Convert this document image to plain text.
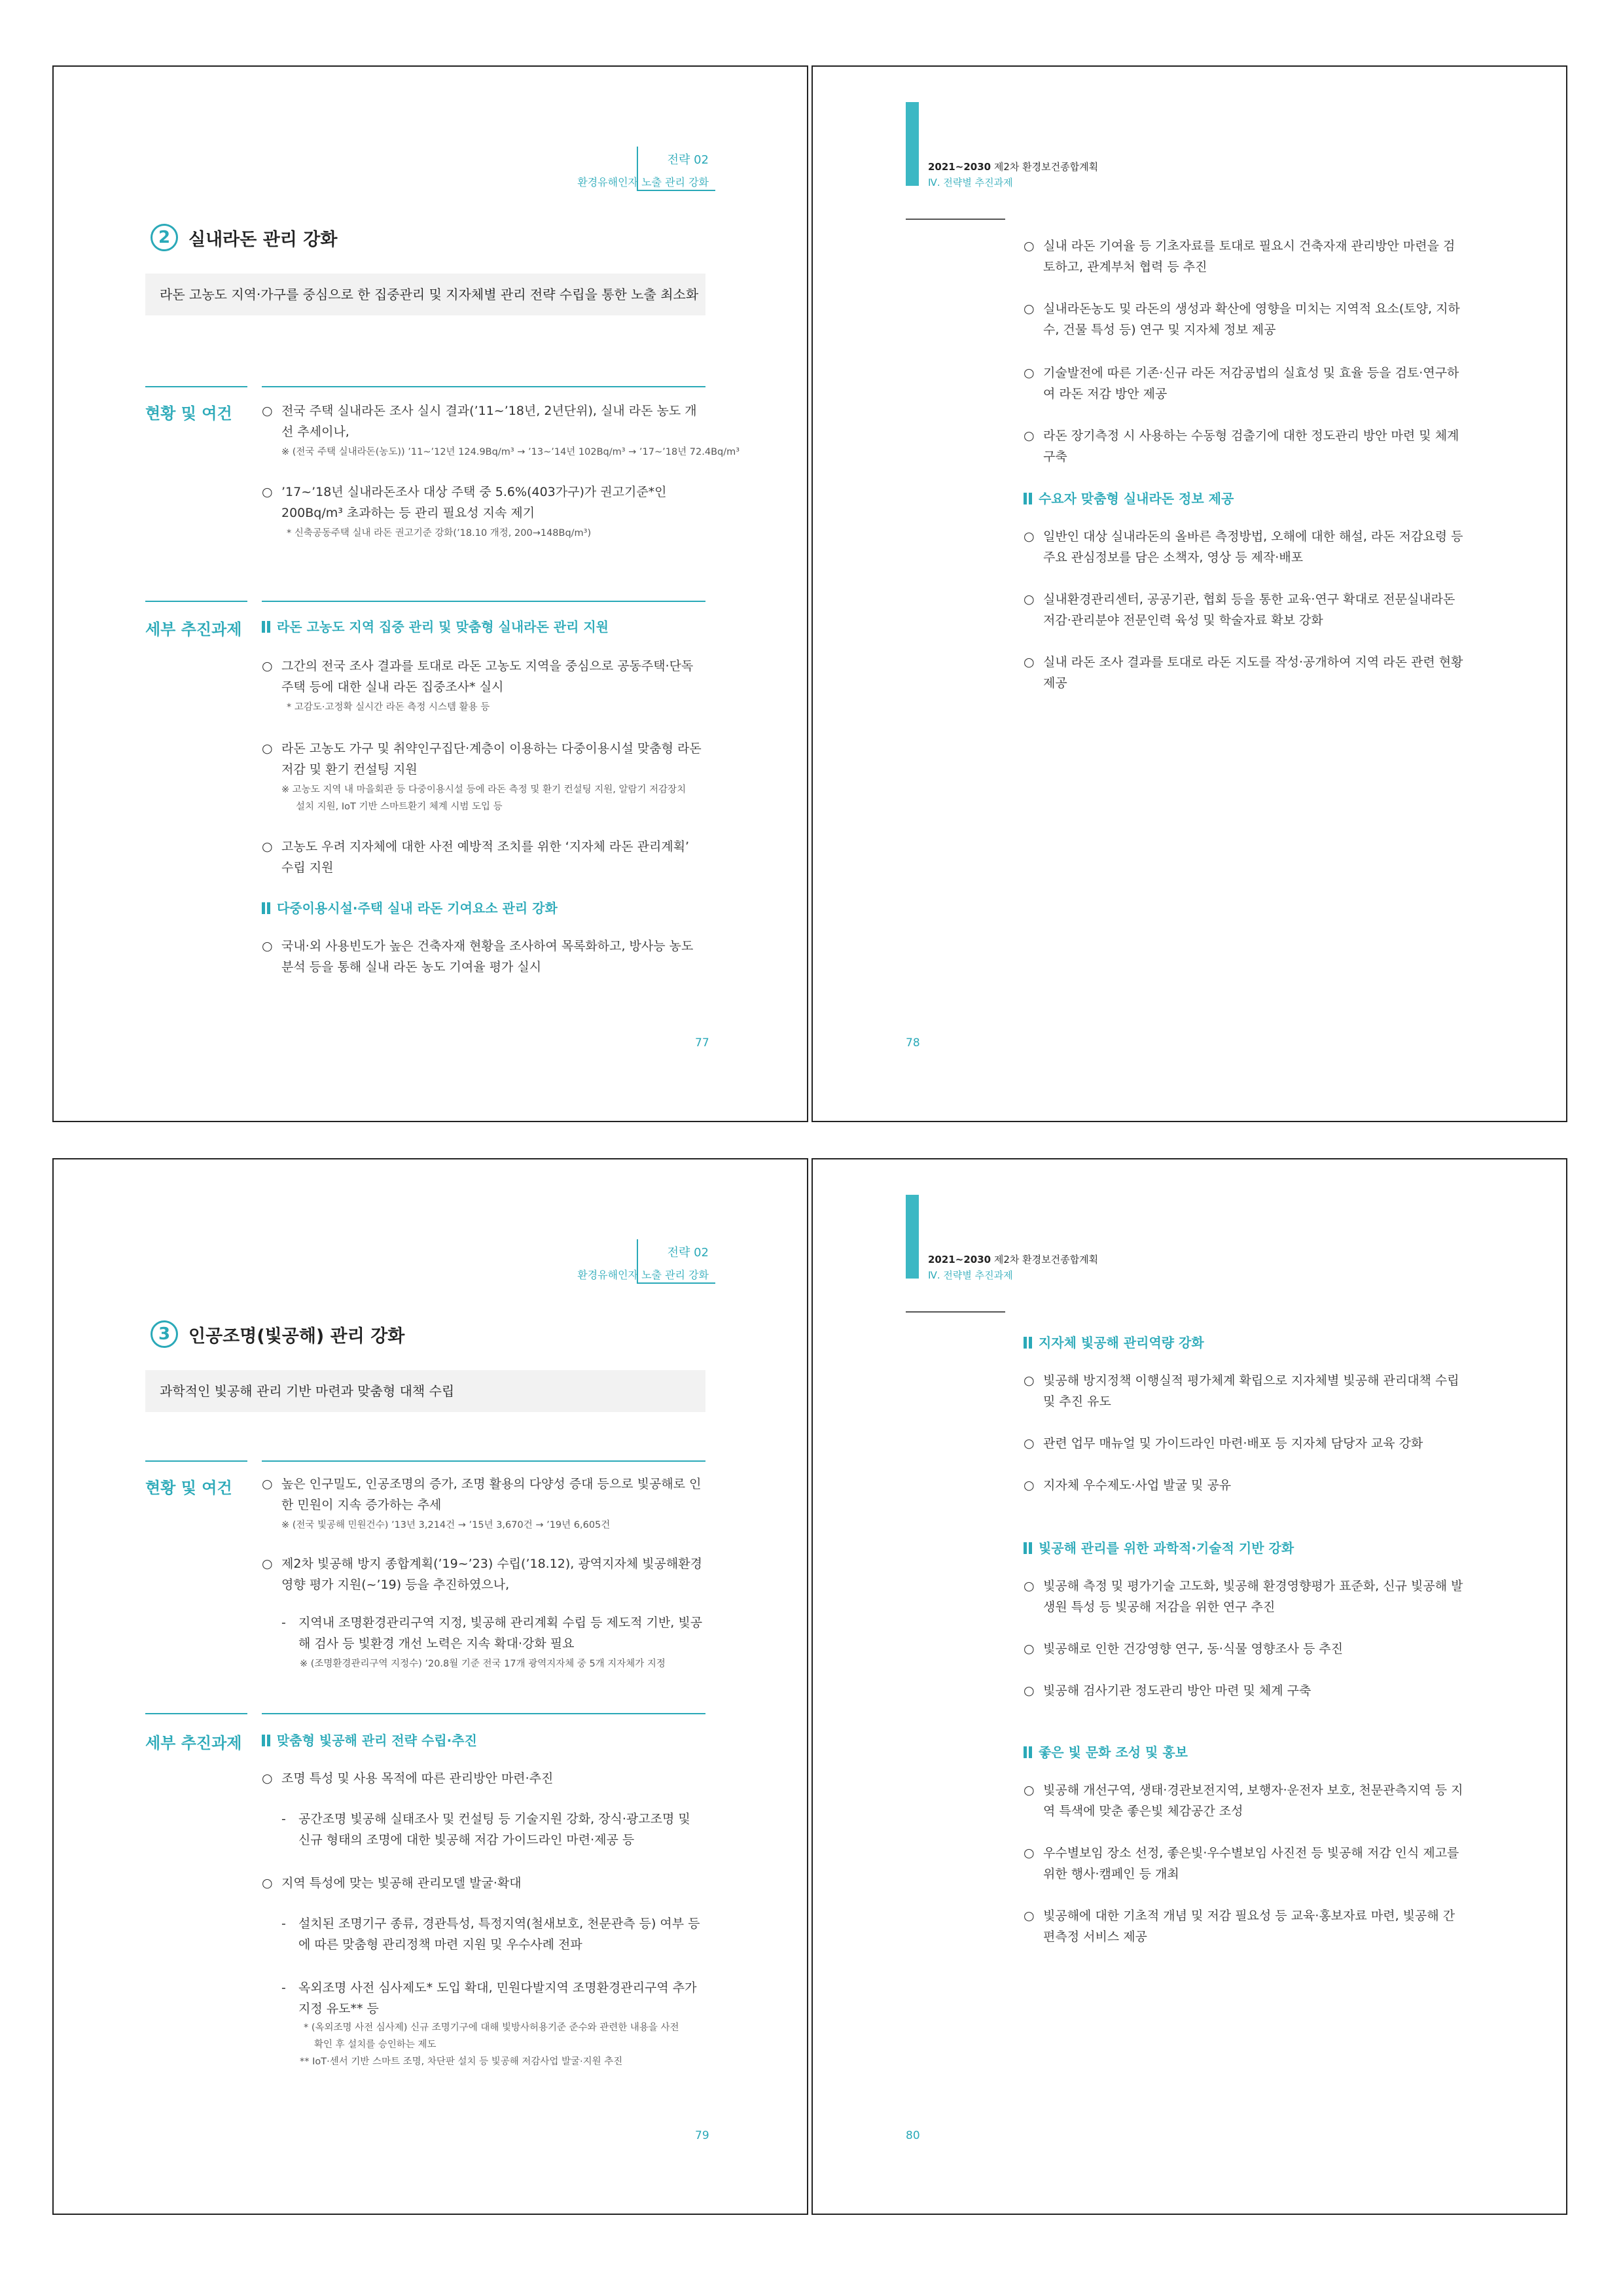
전략 02
환경유해인자 노출 관리 강화
2	실내라돈 관리 강화
라돈 고농도 지역·가구를 중심으로 한 집중관리 및 지자체별 관리 전략 수립을 통한 노출 최소화
현황 및 여건 ○ 전국 주택 실내라돈 조사 실시 결과(’11~’18년, 2년단위), 실내 라돈 농도 개선 추세이나,
※ (전국 주택 실내라돈(농도)) ’11~’12년 124.9Bq/m³ → ’13~’14년 102Bq/m³ → ’17~’18년 72.4Bq/m³
○ ’17~’18년 실내라돈조사 대상 주택 중 5.6%(403가구)가 권고기준*인 200Bq/m³ 초과하는 등 관리 필요성 지속 제기
* 신축공동주택 실내 라돈 권고기준 강화(’18.10 개정, 200→148Bq/m³)
세부 추진과제	라돈 고농도 지역 집중 관리 및 맞춤형 실내라돈 관리 지원
○ 그간의 전국 조사 결과를 토대로 라돈 고농도 지역을 중심으로 공동주택·단독주택 등에 대한 실내 라돈 집중조사* 실시
* 고감도·고정확 실시간 라돈 측정 시스템 활용 등
○ 라돈 고농도 가구 및 취약인구집단·계층이 이용하는 다중이용시설 맞춤형 라돈 저감 및 환기 컨설팅 지원
※ 고농도 지역 내 마을회관 등 다중이용시설 등에 라돈 측정 및 환기 컨설팅 지원, 알람기 저감장치
설치 지원, IoT 기반 스마트환기 체계 시범 도입 등
○ 고농도 우려 지자체에 대한 사전 예방적 조치를 위한 ‘지자체 라돈 관리계획’ 수립 지원
다중이용시설·주택 실내 라돈 기여요소 관리 강화
○ 국내·외 사용빈도가 높은 건축자재 현황을 조사하여 목록화하고, 방사능 농도 분석 등을 통해 실내 라돈 농도 기여율 평가 실시
77
2021~2030 제2차 환경보건종합계획
Ⅳ. 전략별 추진과제
○ 실내 라돈 기여율 등 기초자료를 토대로 필요시 건축자재 관리방안 마련을 검토하고, 관계부처 협력 등 추진
○ 실내라돈농도 및 라돈의 생성과 확산에 영향을 미치는 지역적 요소(토양, 지하수, 건물 특성 등) 연구 및 지자체 정보 제공
○ 기술발전에 따른 기존·신규 라돈 저감공법의 실효성 및 효율 등을 검토·연구하여 라돈 저감 방안 제공
○ 라돈 장기측정 시 사용하는 수동형 검출기에 대한 정도관리 방안 마련 및 체계 구축
수요자 맞춤형 실내라돈 정보 제공
○ 일반인 대상 실내라돈의 올바른 측정방법, 오해에 대한 해설, 라돈 저감요령 등 주요 관심정보를 담은 소책자, 영상 등 제작·배포
○ 실내환경관리센터, 공공기관, 협회 등을 통한 교육·연구 확대로 전문실내라돈 저감·관리분야 전문인력 육성 및 학술자료 확보 강화
○ 실내 라돈 조사 결과를 토대로 라돈 지도를 작성·공개하여 지역 라돈 관련 현황 제공
78
전략 02
환경유해인자 노출 관리 강화
3	인공조명(빛공해) 관리 강화
과학적인 빛공해 관리 기반 마련과 맞춤형 대책 수립
현황 및 여건 ○ 높은 인구밀도, 인공조명의 증가, 조명 활용의 다양성 증대 등으로 빛공해로 인한 민원이 지속 증가하는 추세
※ (전국 빛공해 민원건수) ’13년 3,214건 → ’15년 3,670건 → ’19년 6,605건
○ 제2차 빛공해 방지 종합계획(’19~’23) 수립(’18.12), 광역지자체 빛공해환경영향 평가 지원(~’19) 등을 추진하였으나,
- 지역내 조명환경관리구역 지정, 빛공해 관리계획 수립 등 제도적 기반, 빛공해 검사 등 빛환경 개선 노력은 지속 확대·강화 필요
※ (조명환경관리구역 지정수) ’20.8월 기준 전국 17개 광역지자체 중 5개 지자체가 지정
세부 추진과제	맞춤형 빛공해 관리 전략 수립·추진
○ 조명 특성 및 사용 목적에 따른 관리방안 마련·추진
- 공간조명 빛공해 실태조사 및 컨설팅 등 기술지원 강화, 장식·광고조명 및 신규 형태의 조명에 대한 빛공해 저감 가이드라인 마련·제공 등
○ 지역 특성에 맞는 빛공해 관리모델 발굴·확대
- 설치된 조명기구 종류, 경관특성, 특정지역(철새보호, 천문관측 등) 여부 등에 따른 맞춤형 관리정책 마련 지원 및 우수사례 전파
- 옥외조명 사전 심사제도* 도입 확대, 민원다발지역 조명환경관리구역 추가지정 유도** 등
* (옥외조명 사전 심사제) 신규 조명기구에 대해 빛방사허용기준 준수와 관련한 내용을 사전
확인 후 설치를 승인하는 제도
** IoT·센서 기반 스마트 조명, 차단판 설치 등 빛공해 저감사업 발굴·지원 추진
79
2021~2030 제2차 환경보건종합계획
Ⅳ. 전략별 추진과제
지자체 빛공해 관리역량 강화
○ 빛공해 방지정책 이행실적 평가체계 확립으로 지자체별 빛공해 관리대책 수립 및 추진 유도
○ 관련 업무 매뉴얼 및 가이드라인 마련·배포 등 지자체 담당자 교육 강화
○ 지자체 우수제도·사업 발굴 및 공유
빛공해 관리를 위한 과학적·기술적 기반 강화
○ 빛공해 측정 및 평가기술 고도화, 빛공해 환경영향평가 표준화, 신규 빛공해 발생원 특성 등 빛공해 저감을 위한 연구 추진
○ 빛공해로 인한 건강영향 연구, 동·식물 영향조사 등 추진
○ 빛공해 검사기관 정도관리 방안 마련 및 체계 구축
좋은 빛 문화 조성 및 홍보
○ 빛공해 개선구역, 생태·경관보전지역, 보행자·운전자 보호, 천문관측지역 등 지역 특색에 맞춘 좋은빛 체감공간 조성
○ 우수별보임 장소 선정, 좋은빛·우수별보임 사진전 등 빛공해 저감 인식 제고를 위한 행사·캠페인 등 개최
○ 빛공해에 대한 기초적 개념 및 저감 필요성 등 교육·홍보자료 마련, 빛공해 간편측정 서비스 제공
80
